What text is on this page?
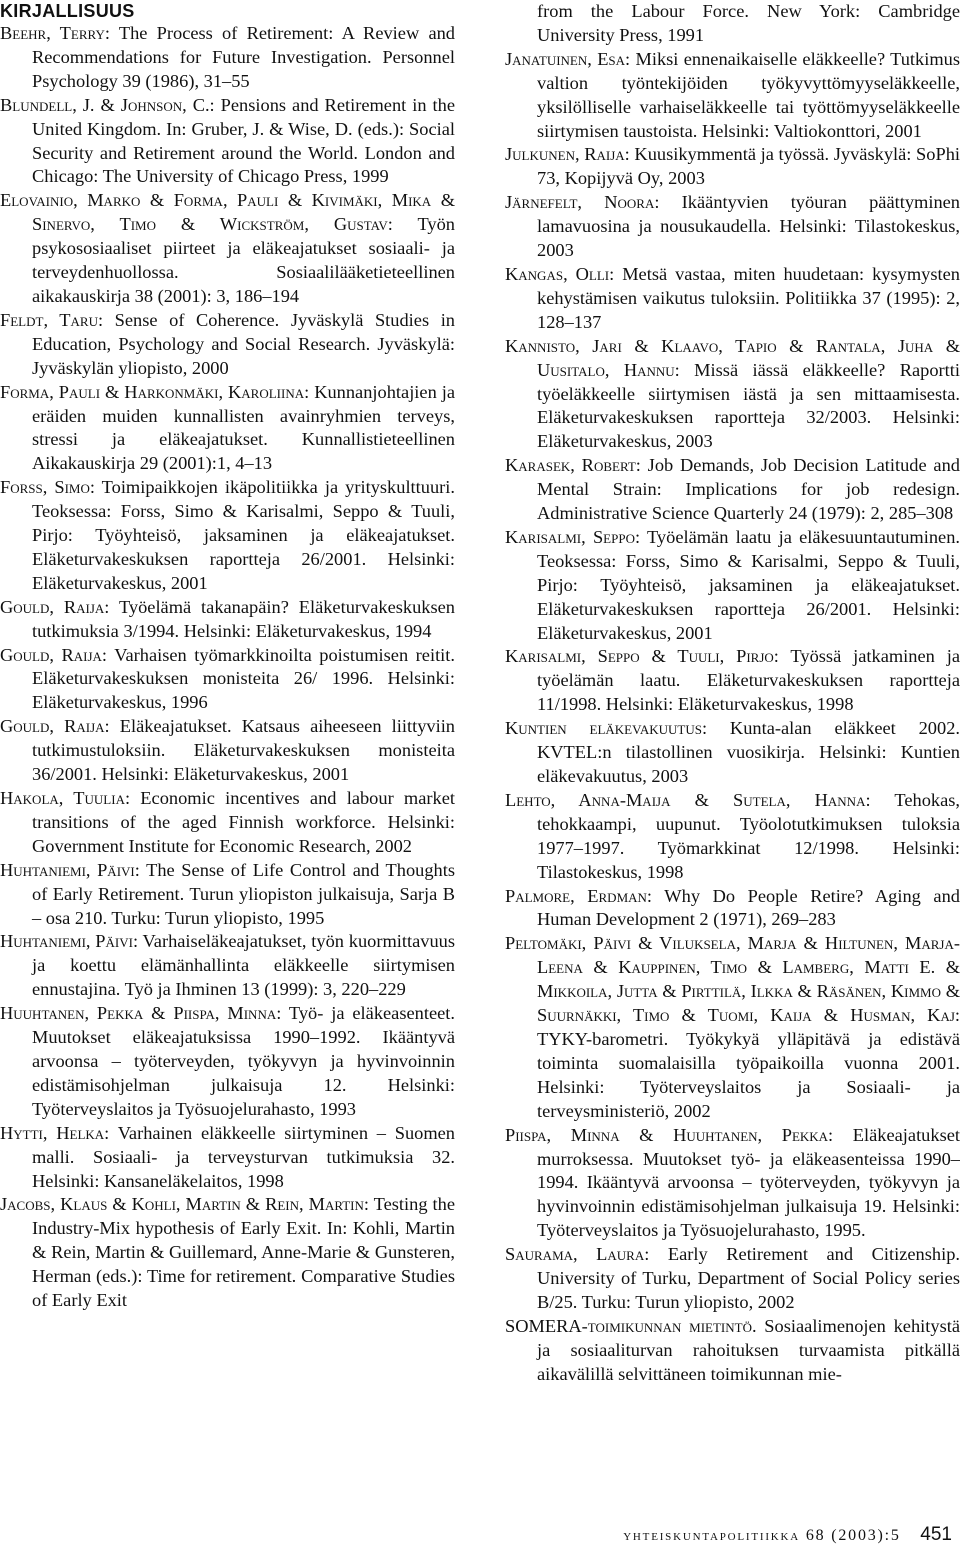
KIRJALLISUUS

Beehr, Terry: The Process of Retirement: A Review and Recommendations for Future Investigation. Personnel Psychology 39 (1986), 31–55

Blundell, J. & Johnson, C.: Pensions and Retirement in the United Kingdom. In: Gruber, J. & Wise, D. (eds.): Social Security and Retirement around the World. London and Chicago: The University of Chicago Press, 1999

Elovainio, Marko & Forma, Pauli & Kivimäki, Mika & Sinervo, Timo & Wickström, Gustav: Työn psykososiaaliset piirteet ja eläkeajatukset sosiaali- ja terveydenhuollossa. Sosiaalilääketieteellinen aikakauskirja 38 (2001): 3, 186–194

Feldt, Taru: Sense of Coherence. Jyväskylä Studies in Education, Psychology and Social Research. Jyväskylä: Jyväskylän yliopisto, 2000

Forma, Pauli & Harkonmäki, Karoliina: Kunnanjohtajien ja eräiden muiden kunnallisten avainryhmien terveys, stressi ja eläkeajatukset. Kunnallistieteellinen Aikakauskirja 29 (2001):1, 4–13

Forss, Simo: Toimipaikkojen ikäpolitiikka ja yrityskulttuuri. Teoksessa: Forss, Simo & Karisalmi, Seppo & Tuuli, Pirjo: Työyhteisö, jaksaminen ja eläkeajatukset. Eläketurvakeskuksen raportteja 26/2001. Helsinki: Eläketurvakeskus, 2001

Gould, Raija: Työelämä takanapäin? Eläketurvakeskuksen tutkimuksia 3/1994. Helsinki: Eläketurvakeskus, 1994

Gould, Raija: Varhaisen työmarkkinoilta poistumisen reitit. Eläketurvakeskuksen monisteita 26/ 1996. Helsinki: Eläketurvakeskus, 1996

Gould, Raija: Eläkeajatukset. Katsaus aiheeseen liittyviin tutkimustuloksiin. Eläketurvakeskuksen monisteita 36/2001. Helsinki: Eläketurvakeskus, 2001

Hakola, Tuulia: Economic incentives and labour market transitions of the aged Finnish workforce. Helsinki: Government Institute for Economic Research, 2002

Huhtaniemi, Päivi: The Sense of Life Control and Thoughts of Early Retirement. Turun yliopiston julkaisuja, Sarja B – osa 210. Turku: Turun yliopisto, 1995

Huhtaniemi, Päivi: Varhaiseläkeajatukset, työn kuormittavuus ja koettu elämänhallinta eläkkeelle siirtymisen ennustajina. Työ ja Ihminen 13 (1999): 3, 220–229

Huuhtanen, Pekka & Piispa, Minna: Työ- ja eläkeasenteet. Muutokset eläkeajatuksissa 1990–1992. Ikääntyvä arvoonsa – työterveyden, työkyvyn ja hyvinvoinnin edistämisohjelman julkaisuja 12. Helsinki: Työterveyslaitos ja Työsuojelurahasto, 1993

Hytti, Helka: Varhainen eläkkeelle siirtyminen – Suomen malli. Sosiaali- ja terveysturvan tutkimuksia 32. Helsinki: Kansaneläkelaitos, 1998

Jacobs, Klaus & Kohli, Martin & Rein, Martin: Testing the Industry-Mix hypothesis of Early Exit. In: Kohli, Martin & Rein, Martin & Guillemard, Anne-Marie & Gunsteren, Herman (eds.): Time for retirement. Comparative Studies of Early Exit

from the Labour Force. New York: Cambridge University Press, 1991

Janatuinen, Esa: Miksi ennenaikaiselle eläkkeelle? Tutkimus valtion työntekijöiden työkyvyttömyyseläkkeelle, yksilölliselle varhaiseläkkeelle tai työttömyyseläkkeelle siirtymisen taustoista. Helsinki: Valtiokonttori, 2001

Julkunen, Raija: Kuusikymmentä ja työssä. Jyväskylä: SoPhi 73, Kopijyvä Oy, 2003

Järnefelt, Noora: Ikääntyvien työuran päättyminen lamavuosina ja nousukaudella. Helsinki: Tilastokeskus, 2003

Kangas, Olli: Metsä vastaa, miten huudetaan: kysymysten kehystämisen vaikutus tuloksiin. Politiikka 37 (1995): 2, 128–137

Kannisto, Jari & Klaavo, Tapio & Rantala, Juha & Uusitalo, Hannu: Missä iässä eläkkeelle? Raportti työeläkkeelle siirtymisen iästä ja sen mittaamisesta. Eläketurvakeskuksen raportteja 32/2003. Helsinki: Eläketurvakeskus, 2003

Karasek, Robert: Job Demands, Job Decision Latitude and Mental Strain: Implications for job redesign. Administrative Science Quarterly 24 (1979): 2, 285–308

Karisalmi, Seppo: Työelämän laatu ja eläkesuuntautuminen. Teoksessa: Forss, Simo & Karisalmi, Seppo & Tuuli, Pirjo: Työyhteisö, jaksaminen ja eläkeajatukset. Eläketurvakeskuksen raportteja 26/2001. Helsinki: Eläketurvakeskus, 2001

Karisalmi, Seppo & Tuuli, Pirjo: Työssä jatkaminen ja työelämän laatu. Eläketurvakeskuksen raportteja 11/1998. Helsinki: Eläketurvakeskus, 1998

Kuntien eläkevakuutus: Kunta-alan eläkkeet 2002. KVTEL:n tilastollinen vuosikirja. Helsinki: Kuntien eläkevakuutus, 2003

Lehto, Anna-Maija & Sutela, Hanna: Tehokas, tehokkaampi, uupunut. Työolotutkimuksen tuloksia 1977–1997. Työmarkkinat 12/1998. Helsinki: Tilastokeskus, 1998

Palmore, Erdman: Why Do People Retire? Aging and Human Development 2 (1971), 269–283

Peltomäki, Päivi & Viluksela, Marja & Hiltunen, Marja-Leena & Kauppinen, Timo & Lamberg, Matti E. & Mikkoila, Jutta & Pirttilä, Ilkka & Räsänen, Kimmo & Suurnäkki, Timo & Tuomi, Kaija & Husman, Kaj: TYKY-barometri. Työkykyä ylläpitävä ja edistävä toiminta suomalaisilla työpaikoilla vuonna 2001. Helsinki: Työterveyslaitos ja Sosiaali- ja terveysministeriö, 2002

Piispa, Minna & Huuhtanen, Pekka: Eläkeajatukset murroksessa. Muutokset työ- ja eläkeasenteissa 1990–1994. Ikääntyvä arvoonsa – työterveyden, työkyvyn ja hyvinvoinnin edistämisohjelman julkaisuja 19. Helsinki: Työterveyslaitos ja Työsuojelurahasto, 1995.

Saurama, Laura: Early Retirement and Citizenship. University of Turku, Department of Social Policy series B/25. Turku: Turun yliopisto, 2002

SOMERA-toimikunnan mietintö. Sosiaalimenojen kehitystä ja sosiaaliturvan rahoituksen turvaamista pitkällä aikavälillä selvittäneen toimikunnan mie-

yhteiskuntapolitiikka 68 (2003):5 451
